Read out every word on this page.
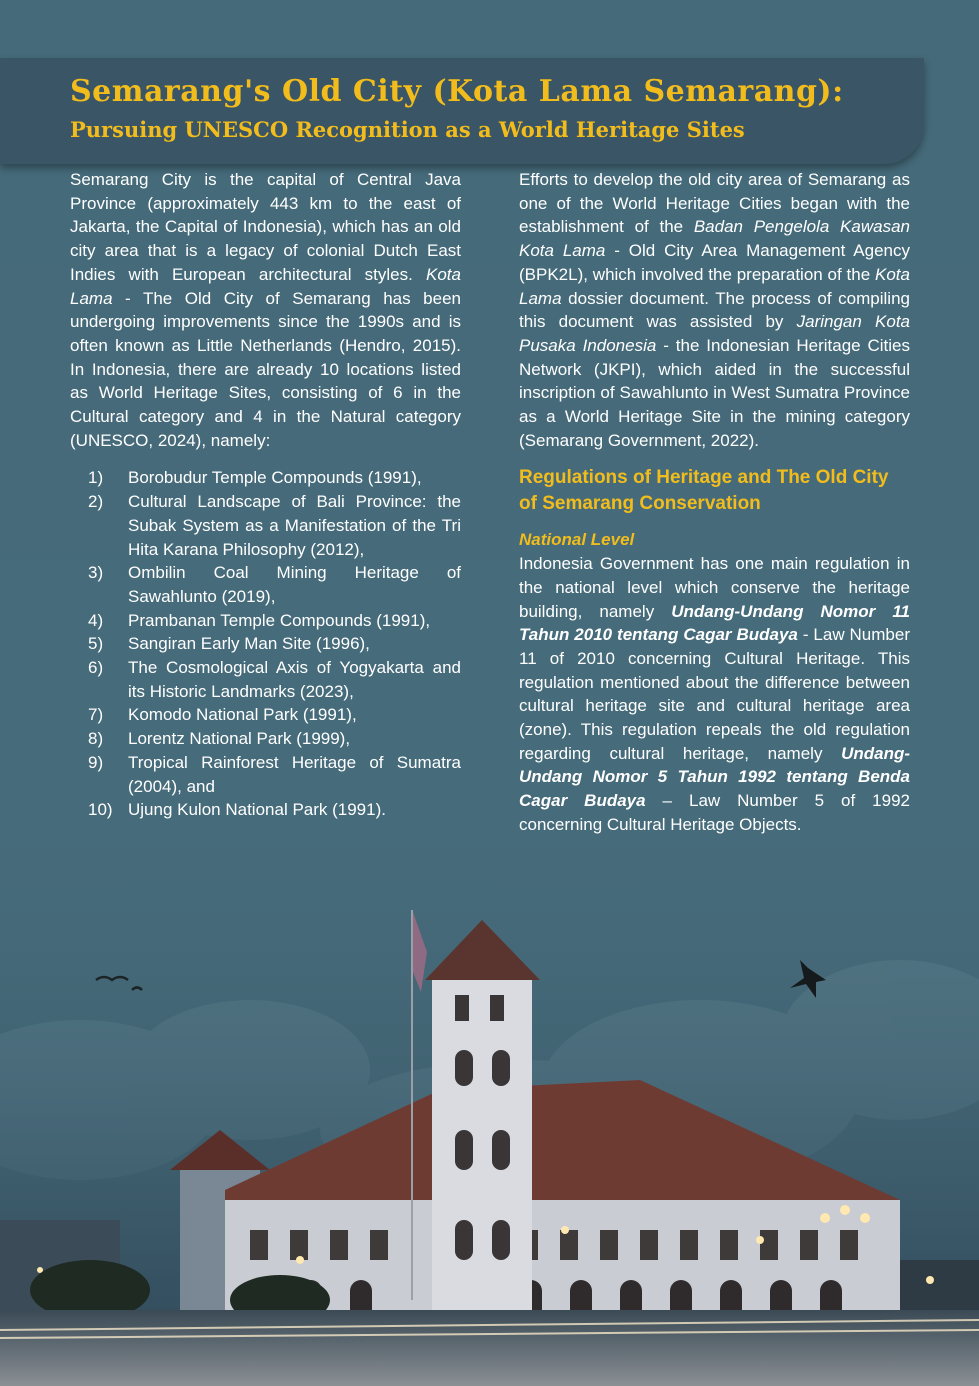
Semarang's Old City (Kota Lama Semarang):
Pursuing UNESCO Recognition as a World Heritage Sites

Semarang City is the capital of Central Java Province (approximately 443 km to the east of Jakarta, the Capital of Indonesia), which has an old city area that is a legacy of colonial Dutch East Indies with European architectural styles. Kota Lama - The Old City of Semarang has been undergoing improvements since the 1990s and is often known as Little Netherlands (Hendro, 2015). In Indonesia, there are already 10 locations listed as World Heritage Sites, consisting of 6 in the Cultural category and 4 in the Natural category (UNESCO, 2024), namely:

1)	Borobudur Temple Compounds (1991),
2)	Cultural Landscape of Bali Province: the Subak System as a Manifestation of the Tri Hita Karana Philosophy (2012),
3)	Ombilin Coal Mining Heritage of Sawahlunto (2019),
4)	Prambanan Temple Compounds (1991),
5)	Sangiran Early Man Site (1996),
6)	The Cosmological Axis of Yogyakarta and its Historic Landmarks (2023),
7)	Komodo National Park (1991),
8)	Lorentz National Park (1999),
9)	Tropical Rainforest Heritage of Sumatra (2004), and
10) Ujung Kulon National Park (1991).

Efforts to develop the old city area of Semarang as one of the World Heritage Cities began with the establishment of the Badan Pengelola Kawasan Kota Lama - Old City Area Management Agency (BPK2L), which involved the preparation of the Kota Lama dossier document. The process of compiling this document was assisted by Jaringan Kota Pusaka Indonesia - the Indonesian Heritage Cities Network (JKPI), which aided in the successful inscription of Sawahlunto in West Sumatra Province as a World Heritage Site in the mining category (Semarang Government, 2022).

Regulations of Heritage and The Old City of Semarang Conservation
National Level

Indonesia Government has one main regulation in the national level which conserve the heritage building, namely Undang-Undang Nomor 11 Tahun 2010 tentang Cagar Budaya - Law Number 11 of 2010 concerning Cultural Heritage. This regulation mentioned about the difference between cultural heritage site and cultural heritage area (zone). This regulation repeals the old regulation regarding cultural heritage, namely Undang-Undang Nomor 5 Tahun 1992 tentang Benda Cagar Budaya – Law Number 5 of 1992 concerning Cultural Heritage Objects.
